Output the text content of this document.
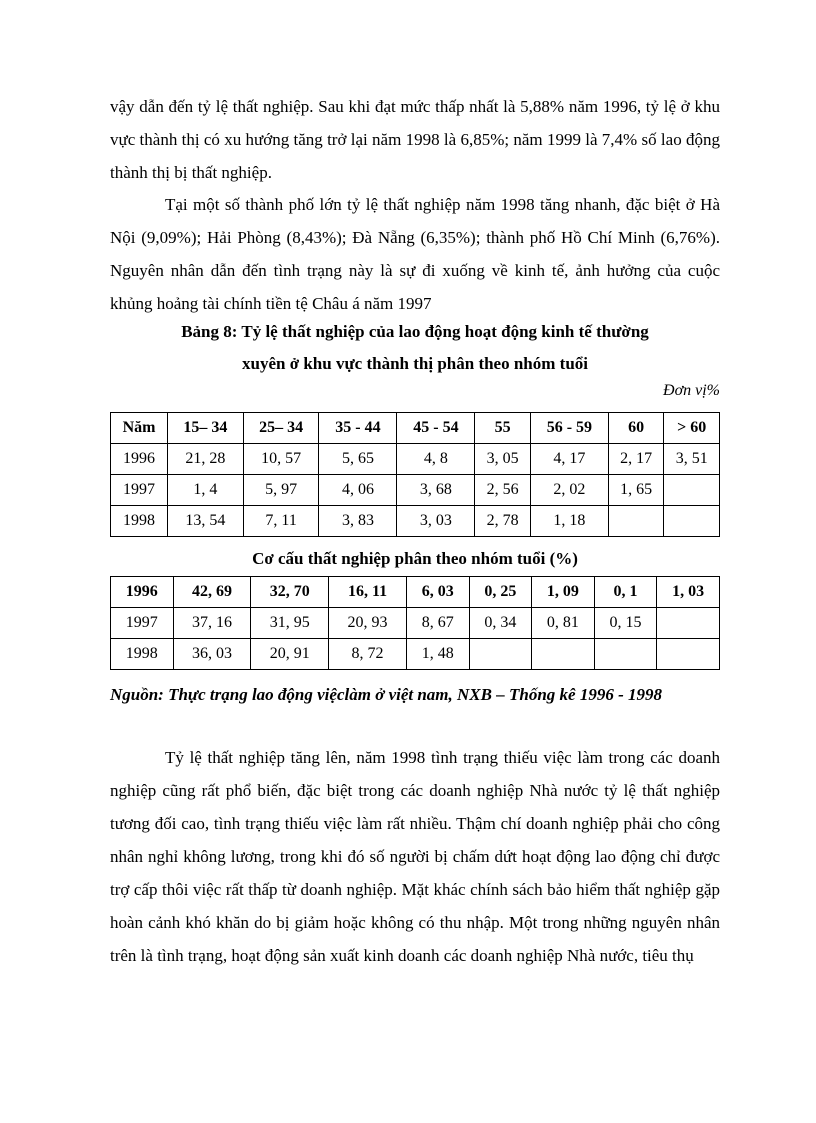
vậy dẫn đến tỷ lệ thất nghiệp. Sau khi đạt mức thấp nhất là 5,88% năm 1996, tỷ lệ ở khu vực thành thị có xu hướng tăng trở lại năm 1998 là 6,85%; năm 1999 là 7,4% số lao động thành thị bị thất nghiệp.

Tại một số thành phố lớn tỷ lệ thất nghiệp năm 1998 tăng nhanh, đặc biệt ở Hà Nội (9,09%); Hải Phòng (8,43%); Đà Nẵng (6,35%); thành phố Hồ Chí Minh (6,76%). Nguyên nhân dẫn đến tình trạng này là sự đi xuống về kinh tế, ảnh hưởng của cuộc khủng hoảng tài chính tiền tệ Châu á năm 1997

Bảng 8: Tỷ lệ thất nghiệp của lao động hoạt động kinh tế thường
xuyên ở khu vực thành thị phân theo nhóm tuổi
Đơn vị%
Năm	15– 34	25– 34	35 - 44	45 - 54	55	56 - 59	60	> 60
1996	21, 28	10, 57	5, 65	4, 8	3, 05	4, 17	2, 17	3, 51
1997	1, 4	5, 97	4, 06	3, 68	2, 56	2, 02	1, 65	
1998	13, 54	7, 11	3, 83	3, 03	2, 78	1, 18		
Cơ cấu thất nghiệp phân theo nhóm tuổi (%)
1996	42, 69	32, 70	16, 11	6, 03	0, 25	1, 09	0, 1	1, 03
1997	37, 16	31, 95	20, 93	8, 67	0, 34	0, 81	0, 15	
1998	36, 03	20, 91	8, 72	1, 48				
Nguồn: Thực trạng lao động việclàm ở việt nam, NXB – Thống kê 1996 - 1998

Tỷ lệ thất nghiệp tăng lên, năm 1998 tình trạng thiếu việc làm trong các doanh nghiệp cũng rất phổ biến, đặc biệt trong các doanh nghiệp Nhà nước tỷ lệ thất nghiệp tương đối cao, tình trạng thiếu việc làm rất nhiều. Thậm chí doanh nghiệp phải cho công nhân nghỉ không lương, trong khi đó số người bị chấm dứt hoạt động lao động chỉ được trợ cấp thôi việc rất thấp từ doanh nghiệp. Mặt khác chính sách bảo hiểm thất nghiệp gặp hoàn cảnh khó khăn do bị giảm hoặc không có thu nhập. Một trong những nguyên nhân trên là tình trạng, hoạt động sản xuất kinh doanh các doanh nghiệp Nhà nước, tiêu thụ
